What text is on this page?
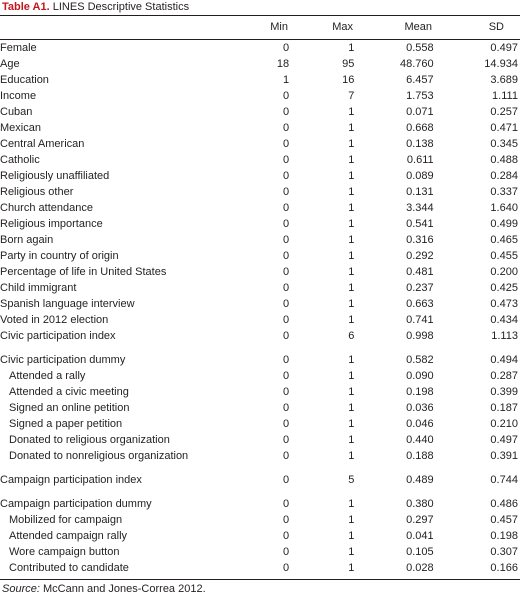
Table A1. LINES Descriptive Statistics
Min	Max	Mean	SD
Female	0	1	0.558	0.497	
Age	18	95	48.760	14.934	
Education	1	16	6.457	3.689	
Income	0	7	1.753	1.111	
Cuban	0	1	0.071	0.257	
Mexican	0	1	0.668	0.471	
Central American	0	1	0.138	0.345	
Catholic	0	1	0.611	0.488	
Religiously unaffiliated	0	1	0.089	0.284	
Religious other	0	1	0.131	0.337	
Church attendance	0	1	3.344	1.640	
Religious importance	0	1	0.541	0.499	
Born again	0	1	0.316	0.465	
Party in country of origin	0	1	0.292	0.455	
Percentage of life in United States	0	1	0.481	0.200	
Child immigrant	0	1	0.237	0.425	
Spanish language interview	0	1	0.663	0.473	
Voted in 2012 election	0	1	0.741	0.434	
Civic participation index	0	6	0.998	1.113	

Civic participation dummy	0	1	0.582	0.494	
Attended a rally	0	1	0.090	0.287	
Attended a civic meeting	0	1	0.198	0.399	
Signed an online petition	0	1	0.036	0.187	
Signed a paper petition	0	1	0.046	0.210	
Donated to religious organization	0	1	0.440	0.497	
Donated to nonreligious organization	0	1	0.188	0.391	

Campaign participation index	0	5	0.489	0.744	

Campaign participation dummy	0	1	0.380	0.486	
Mobilized for campaign	0	1	0.297	0.457	
Attended campaign rally	0	1	0.041	0.198	
Wore campaign button	0	1	0.105	0.307	
Contributed to candidate	0	1	0.028	0.166	
Source: McCann and Jones-Correa 2012.
